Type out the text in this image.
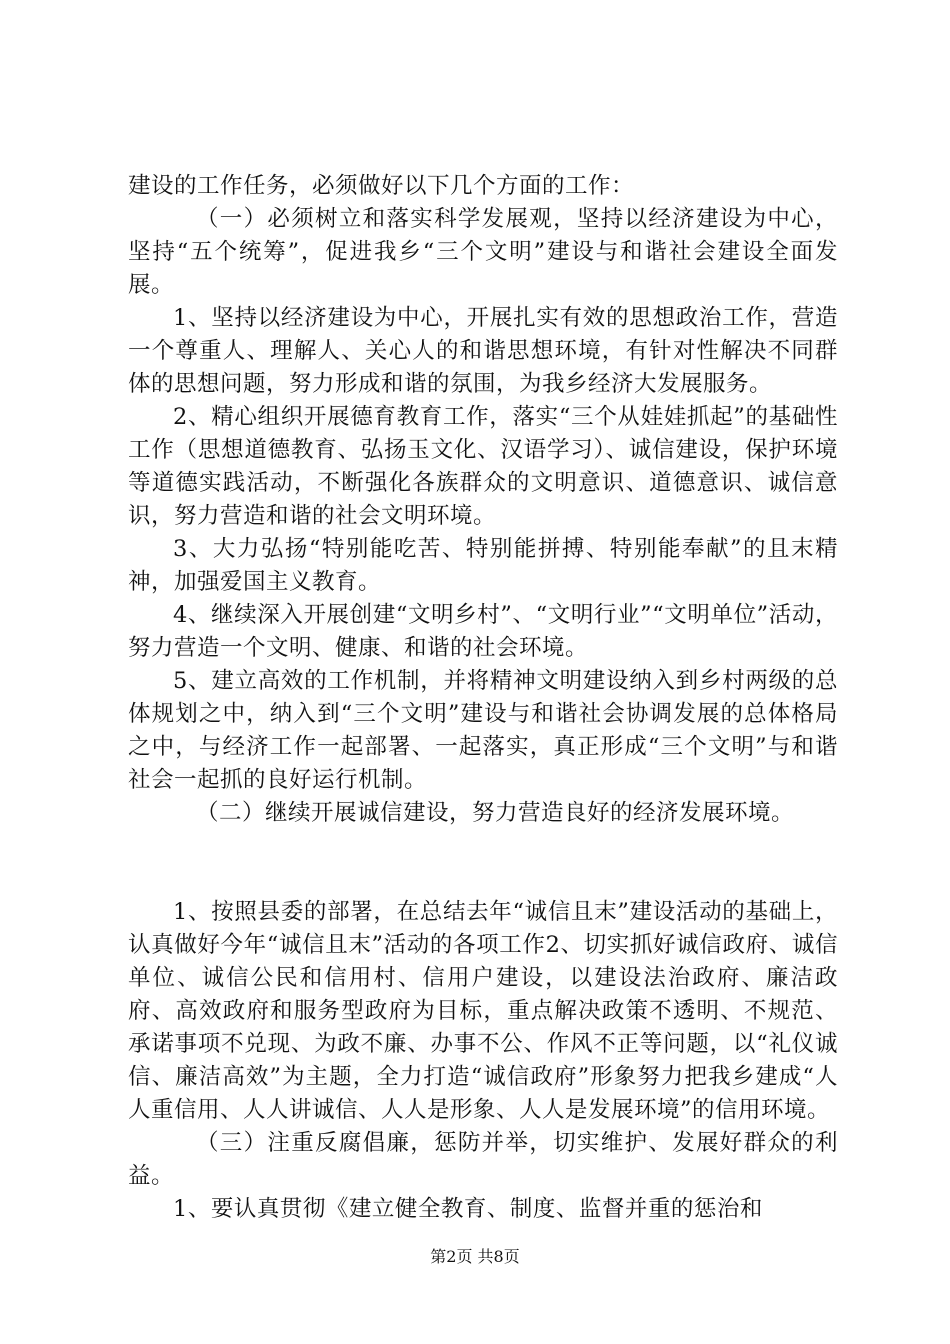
建设的工作任务，必须做好以下几个方面的工作：

（一）必须树立和落实科学发展观，坚持以经济建设为中心，坚持“五个统筹”，促进我乡“三个文明”建设与和谐社会建设全面发展。

1、坚持以经济建设为中心，开展扎实有效的思想政治工作，营造一个尊重人、理解人、关心人的和谐思想环境，有针对性解决不同群体的思想问题，努力形成和谐的氛围，为我乡经济大发展服务。

2、精心组织开展德育教育工作，落实“三个从娃娃抓起”的基础性工作（思想道德教育、弘扬玉文化、汉语学习）、诚信建设，保护环境等道德实践活动，不断强化各族群众的文明意识、道德意识、诚信意识，努力营造和谐的社会文明环境。

3、大力弘扬“特别能吃苦、特别能拼搏、特别能奉献”的且末精神，加强爱国主义教育。

4、继续深入开展创建“文明乡村”、“文明行业”“文明单位”活动，努力营造一个文明、健康、和谐的社会环境。

5、建立高效的工作机制，并将精神文明建设纳入到乡村两级的总体规划之中，纳入到“三个文明”建设与和谐社会协调发展的总体格局之中，与经济工作一起部署、一起落实，真正形成“三个文明”与和谐社会一起抓的良好运行机制。

（二）继续开展诚信建设，努力营造良好的经济发展环境。

1、按照县委的部署，在总结去年“诚信且末”建设活动的基础上，认真做好今年“诚信且末”活动的各项工作2、切实抓好诚信政府、诚信单位、诚信公民和信用村、信用户建设，以建设法治政府、廉洁政府、高效政府和服务型政府为目标，重点解决政策不透明、不规范、承诺事项不兑现、为政不廉、办事不公、作风不正等问题，以“礼仪诚信、廉洁高效”为主题，全力打造“诚信政府”形象努力把我乡建成“人人重信用、人人讲诚信、人人是形象、人人是发展环境”的信用环境。

（三）注重反腐倡廉，惩防并举，切实维护、发展好群众的利益。

1、要认真贯彻《建立健全教育、制度、监督并重的惩治和

第2页 共8页
